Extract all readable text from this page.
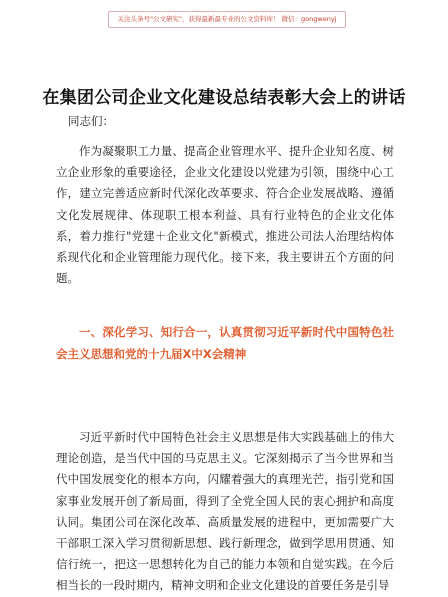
关注头条号"公文研究"，获得最新最专业的公文资料库！ 微信：gongwenyj
在集团公司企业文化建设总结表彰大会上的讲话
同志们：

作为凝聚职工力量、提高企业管理水平、提升企业知名度、树立企业形象的重要途径，企业文化建设以党建为引领，围绕中心工作，建立完善适应新时代深化改革要求、符合企业发展战略、遵循文化发展规律、体现职工根本利益、具有行业特色的企业文化体系，着力推行"党建＋企业文化"新模式，推进公司法人治理结构体系现代化和企业管理能力现代化。接下来，我主要讲五个方面的问题。

一、深化学习、知行合一，认真贯彻习近平新时代中国特色社会主义思想和党的十九届X中X会精神

习近平新时代中国特色社会主义思想是伟大实践基础上的伟大理论创造，是当代中国的马克思主义。它深刻揭示了当今世界和当代中国发展变化的根本方向，闪耀着强大的真理光芒，指引党和国家事业发展开创了新局面，得到了全党全国人民的衷心拥护和高度认同。集团公司在深化改革、高质量发展的进程中，更加需要广大干部职工深入学习贯彻新思想、践行新理念，做到学思用贯通、知信行统一，把这一思想转化为自己的能力本领和自觉实践。在今后相当长的一段时期内，精神文明和企业文化建设的首要任务是引导
